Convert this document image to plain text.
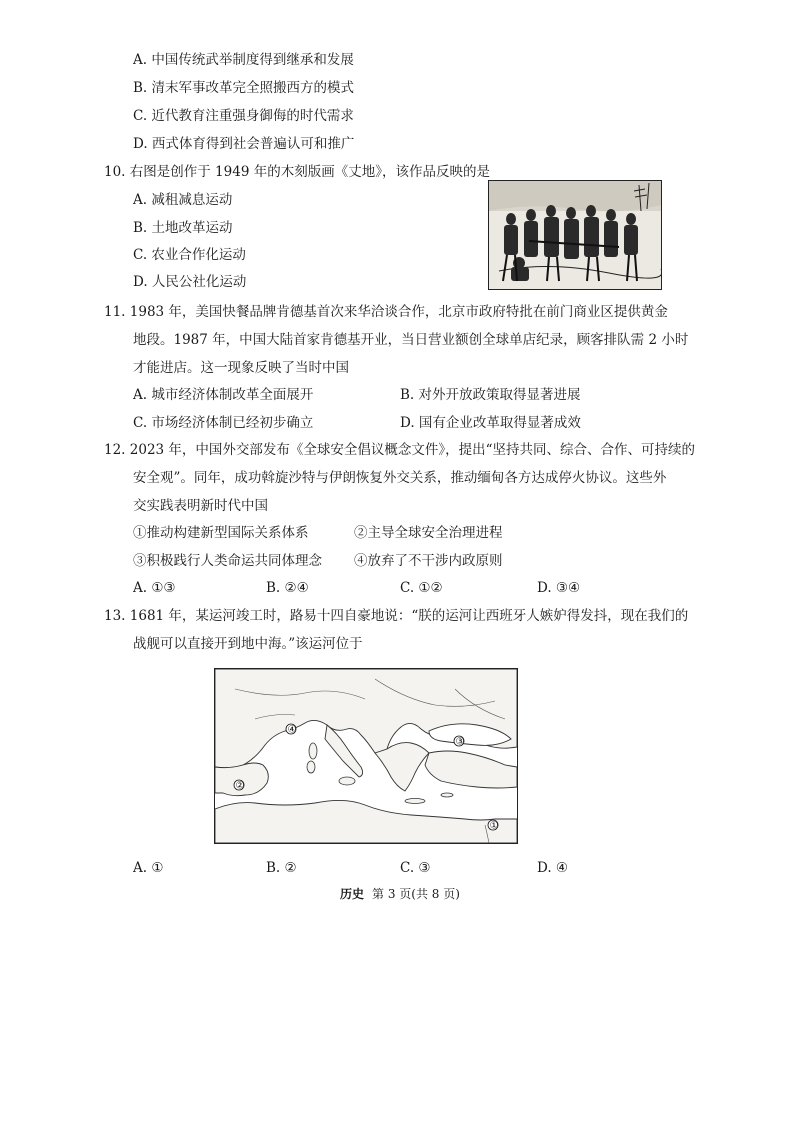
A. 中国传统武举制度得到继承和发展
B. 清末军事改革完全照搬西方的模式
C. 近代教育注重强身御侮的时代需求
D. 西式体育得到社会普遍认可和推广
10. 右图是创作于 1949 年的木刻版画《丈地》，该作品反映的是
A. 减租减息运动
B. 土地改革运动
C. 农业合作化运动
D. 人民公社化运动
11. 1983 年，美国快餐品牌肯德基首次来华洽谈合作，北京市政府特批在前门商业区提供黄金
地段。1987 年，中国大陆首家肯德基开业，当日营业额创全球单店纪录，顾客排队需 2 小时
才能进店。这一现象反映了当时中国
A. 城市经济体制改革全面展开	B. 对外开放政策取得显著进展
C. 市场经济体制已经初步确立	D. 国有企业改革取得显著成效
12. 2023 年，中国外交部发布《全球安全倡议概念文件》，提出“坚持共同、综合、合作、可持续的
安全观”。同年，成功斡旋沙特与伊朗恢复外交关系，推动缅甸各方达成停火协议。这些外
交实践表明新时代中国
①推动构建新型国际关系体系	②主导全球安全治理进程
③积极践行人类命运共同体理念 ④放弃了不干涉内政原则
A. ①③	B. ②④	C. ①②	D. ③④
13. 1681 年，某运河竣工时，路易十四自豪地说：“朕的运河让西班牙人嫉妒得发抖，现在我们的
战舰可以直接开到地中海。”该运河位于
①
②
③
④
A. ①	B. ②	C. ③	D. ④
历史 第 3 页(共 8 页)
